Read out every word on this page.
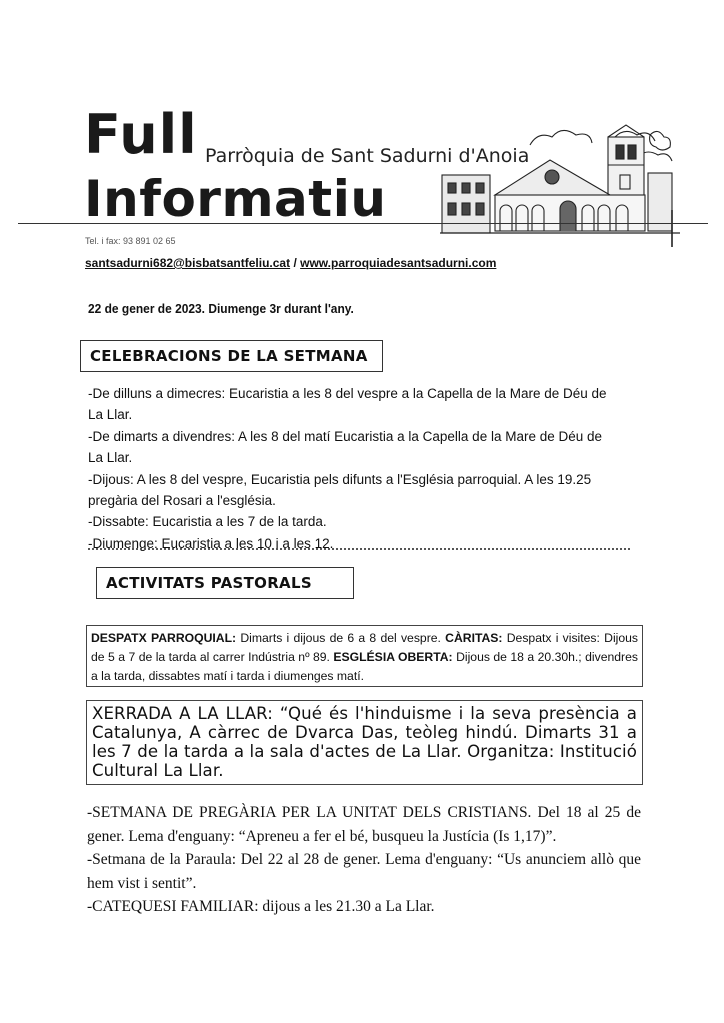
Full Parròquia de Sant Sadurni d'Anoia
Informatiu
Tel. i fax: 93 891 02 65
santsadurni682@bisbatsantfeliu.cat / www.parroquiadesantsadurni.com
22 de gener de 2023. Diumenge 3r durant l'any.
CELEBRACIONS DE LA SETMANA
-De dilluns a dimecres: Eucaristia a les 8 del vespre a la Capella de la Mare de Déu de
La Llar.
-De dimarts a divendres: A les 8 del matí Eucaristia a la Capella de la Mare de Déu de
La Llar.
-Dijous: A les 8 del vespre, Eucaristia pels difunts a l'Església parroquial. A les 19.25
pregària del Rosari a l'església.
-Dissabte: Eucaristia a les 7 de la tarda.
-Diumenge: Eucaristia a les 10 i a les 12.
ACTIVITATS PASTORALS
DESPATX PARROQUIAL: Dimarts i dijous de 6 a 8 del vespre. CÀRITAS: Despatx i visites: Dijous de 5 a 7 de la tarda al carrer Indústria nº 89. ESGLÉSIA OBERTA: Dijous de 18 a 20.30h.; divendres a la tarda, dissabtes matí i tarda i diumenges matí.
XERRADA A LA LLAR: “Qué és l'hinduisme i la seva presència a Catalunya, A càrrec de Dvarca Das, teòleg hindú. Dimarts 31 a les 7 de la tarda a la sala d'actes de La Llar. Organitza: Institució Cultural La Llar.
-SETMANA DE PREGÀRIA PER LA UNITAT DELS CRISTIANS. Del 18 al 25 de gener. Lema d'enguany: “Apreneu a fer el bé, busqueu la Justícia (Is 1,17)”.
-Setmana de la Paraula: Del 22 al 28 de gener. Lema d'enguany: “Us anunciem allò que hem vist i sentit”.
-CATEQUESI FAMILIAR: dijous a les 21.30 a La Llar.
